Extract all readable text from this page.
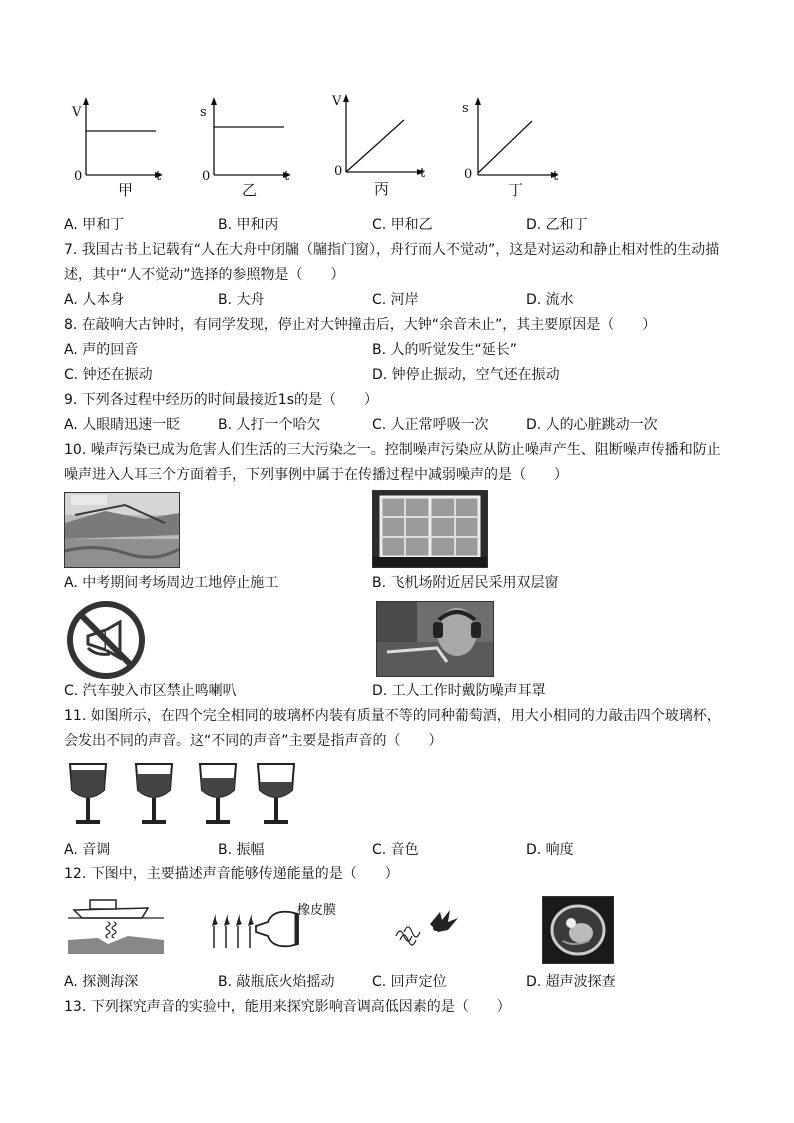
V
0	t
甲
s
0	t
乙
V
0	t
丙
s
0	t
丁
A. 甲和丁	B. 甲和丙	C. 甲和乙	D. 乙和丁
7. 我国古书上记载有“人在大舟中闭牖（牖指门窗），舟行而人不觉动”，这是对运动和静止相对性的生动描
述，其中“人不觉动”选择的参照物是（　　）
A. 人本身	B. 大舟	C. 河岸	D. 流水
8. 在敲响大古钟时，有同学发现，停止对大钟撞击后，大钟“余音未止”，其主要原因是（　　）
A. 声的回音	B. 人的听觉发生“延长”
C. 钟还在振动	D. 钟停止振动，空气还在振动
9. 下列各过程中经历的时间最接近1s的是（　　）
A. 人眼睛迅速一眨	B. 人打一个哈欠	C. 人正常呼吸一次	D. 人的心脏跳动一次
10. 噪声污染已成为危害人们生活的三大污染之一。控制噪声污染应从防止噪声产生、阻断噪声传播和防止
噪声进入人耳三个方面着手，下列事例中属于在传播过程中减弱噪声的是（　　）
A. 中考期间考场周边工地停止施工	B. 飞机场附近居民采用双层窗
C. 汽车驶入市区禁止鸣喇叭	D. 工人工作时戴防噪声耳罩
11. 如图所示，在四个完全相同的玻璃杯内装有质量不等的同种葡萄酒，用大小相同的力敲击四个玻璃杯，
会发出不同的声音。这“不同的声音”主要是指声音的（　　）
A. 音调	B. 振幅	C. 音色	D. 响度
12. 下图中，主要描述声音能够传递能量的是（　　）
橡皮膜
A. 探测海深	B. 敲瓶底火焰摇动	C. 回声定位	D. 超声波探查
13. 下列探究声音的实验中，能用来探究影响音调高低因素的是（　　）
